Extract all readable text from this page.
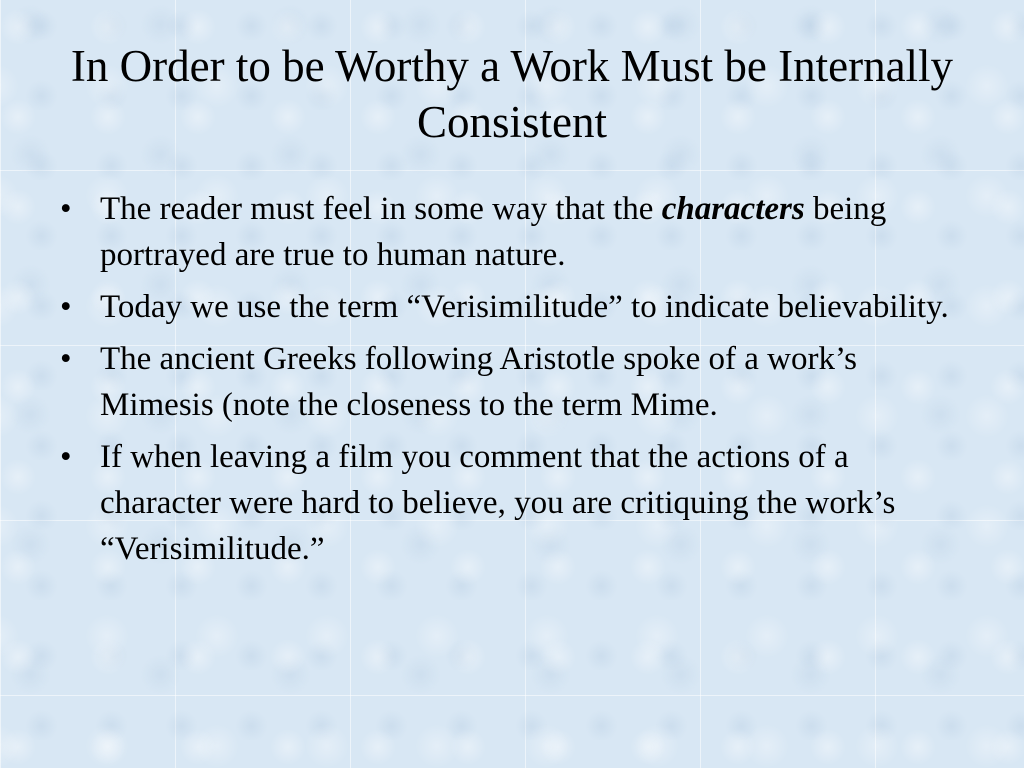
In Order to be Worthy a Work Must be Internally Consistent
• The reader must feel in some way that the characters being portrayed are true to human nature.
• Today we use the term “Verisimilitude” to indicate believability.
• The ancient Greeks following Aristotle spoke of a work’s Mimesis (note the closeness to the term Mime.
• If when leaving a film you comment that the actions of a character were hard to believe, you are critiquing the work’s “Verisimilitude.”
